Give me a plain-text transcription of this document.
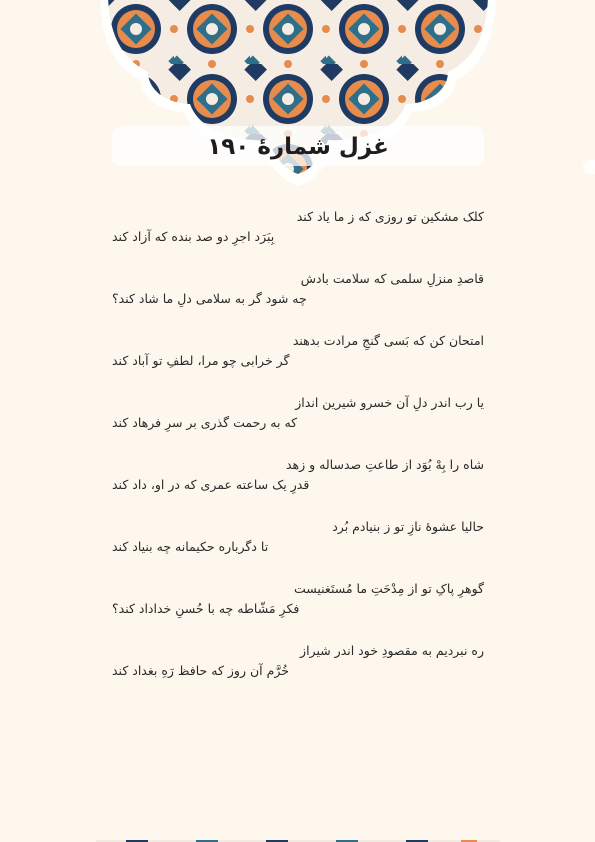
غزل شمارهٔ ۱۹۰
کلک مشکین تو روزی که ز ما یاد کند
بِبَرَد اجرِ دو صد بنده که آزاد کند
قاصدِ منزلِ سلمی که سلامت بادش
چه شود گر به سلامی دلِ ما شاد کند؟
امتحان کن که بَسی گنجِ مرادت بدهند
گر خرابی چو مرا، لطفِ تو آباد کند
یا رب اندر دلِ آن خسرو شیرین انداز
که به رحمت گذری بر سرِ فرهاد کند
شاه را بِهْ بُوَد از طاعتِ صدساله و زهد
قدرِ یک ساعته عمری که در او، داد کند
حالیا عشوهٔ نازِ تو ز بنیادم بُرد
تا دگرباره حکیمانه چه بنیاد کند
گوهرِ پاکِ تو از مِدْحَتِ ما مُستَغنیست
فکرِ مَشّاطه چه با حُسنِ خداداد کند؟
ره نبردیم به مقصودِ خود اندر شیراز
خُرَّم آن روز که حافظ رَهِ بغداد کند
